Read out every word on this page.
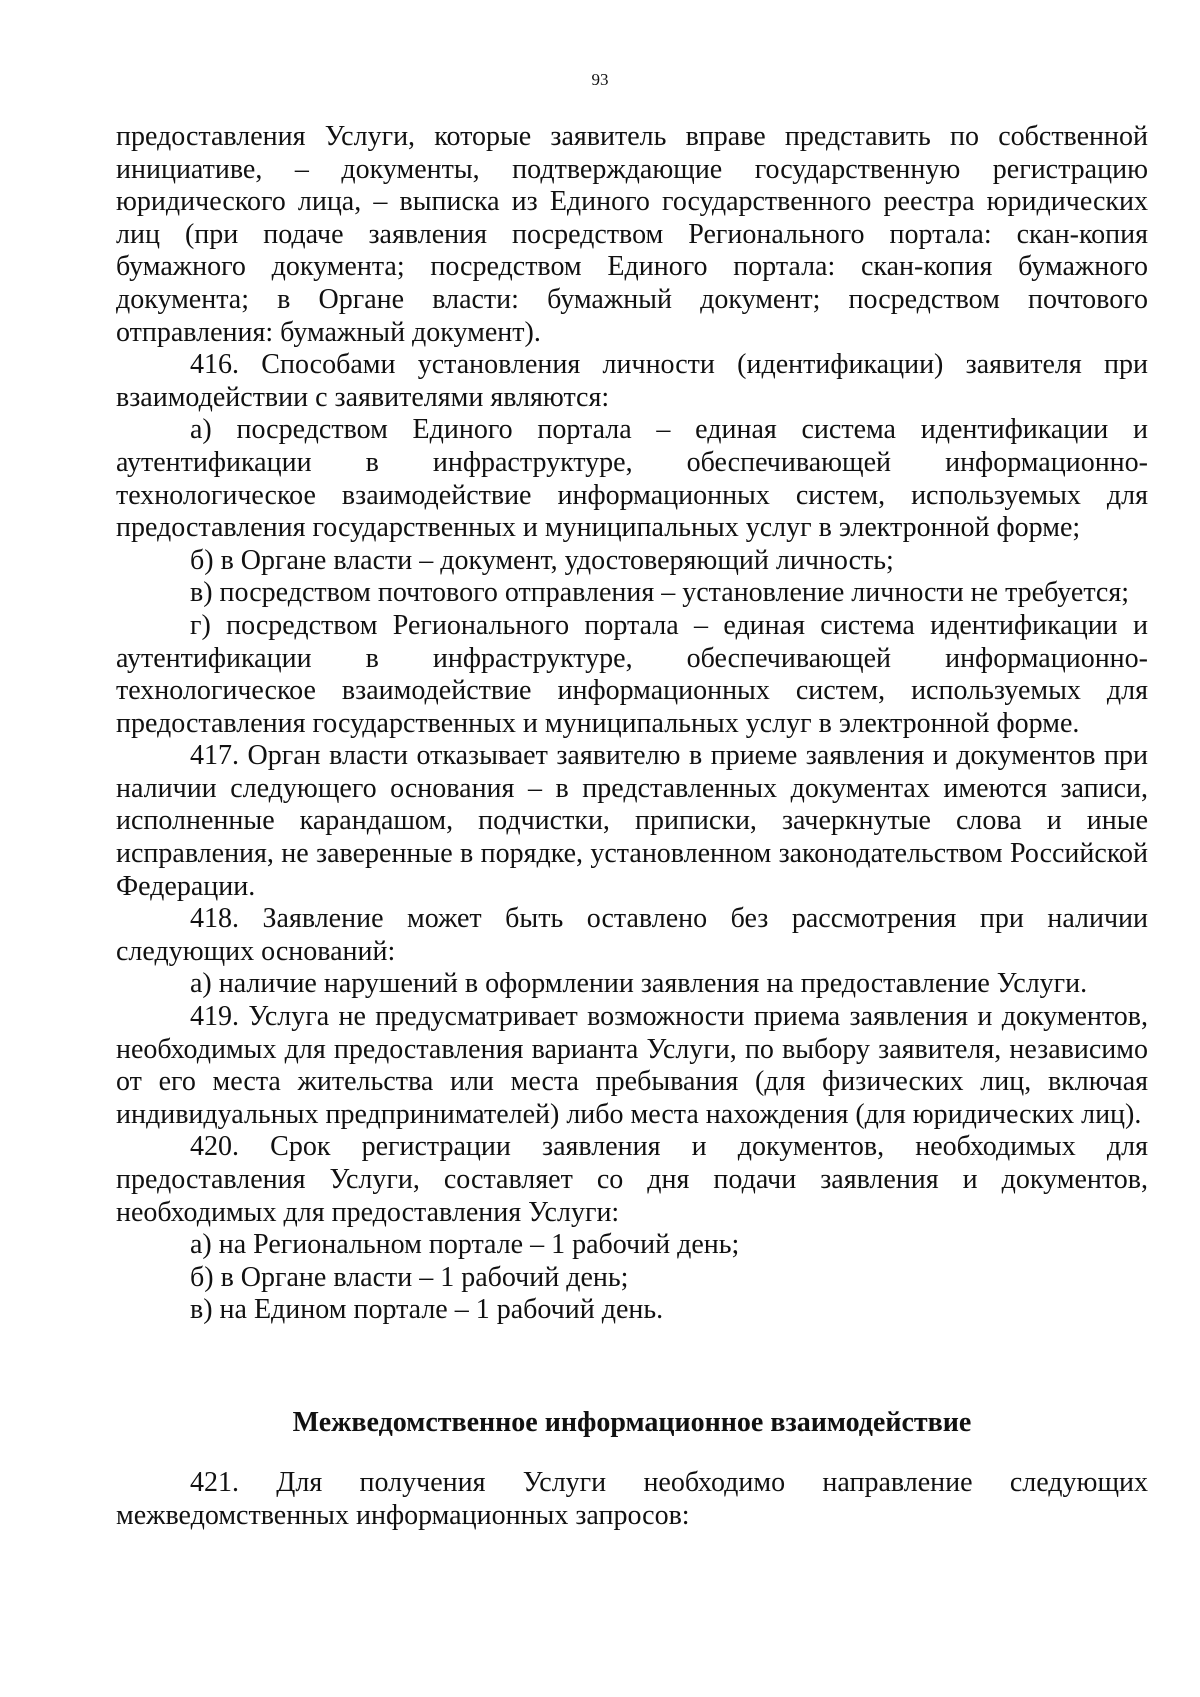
93

предоставления Услуги, которые заявитель вправе представить по собственной инициативе, – документы, подтверждающие государственную регистрацию юридического лица, – выписка из Единого государственного реестра юридических лиц (при подаче заявления посредством Регионального портала: скан-копия бумажного документа; посредством Единого портала: скан-копия бумажного документа; в Органе власти: бумажный документ; посредством почтового отправления: бумажный документ).

416. Способами установления личности (идентификации) заявителя при взаимодействии с заявителями являются:

а) посредством Единого портала – единая система идентификации и аутентификации в инфраструктуре, обеспечивающей информационно-технологическое взаимодействие информационных систем, используемых для предоставления государственных и муниципальных услуг в электронной форме;

б) в Органе власти – документ, удостоверяющий личность;

в) посредством почтового отправления – установление личности не требуется;

г) посредством Регионального портала – единая система идентификации и аутентификации в инфраструктуре, обеспечивающей информационно-технологическое взаимодействие информационных систем, используемых для предоставления государственных и муниципальных услуг в электронной форме.

417. Орган власти отказывает заявителю в приеме заявления и документов при наличии следующего основания – в представленных документах имеются записи, исполненные карандашом, подчистки, приписки, зачеркнутые слова и иные исправления, не заверенные в порядке, установленном законодательством Российской Федерации.

418. Заявление может быть оставлено без рассмотрения при наличии следующих оснований:

а) наличие нарушений в оформлении заявления на предоставление Услуги.

419. Услуга не предусматривает возможности приема заявления и документов, необходимых для предоставления варианта Услуги, по выбору заявителя, независимо от его места жительства или места пребывания (для физических лиц, включая индивидуальных предпринимателей) либо места нахождения (для юридических лиц).

420. Срок регистрации заявления и документов, необходимых для предоставления Услуги, составляет со дня подачи заявления и документов, необходимых для предоставления Услуги:

а) на Региональном портале – 1 рабочий день;

б) в Органе власти – 1 рабочий день;

в) на Едином портале – 1 рабочий день.

Межведомственное информационное взаимодействие

421. Для получения Услуги необходимо направление следующих межведомственных информационных запросов:
